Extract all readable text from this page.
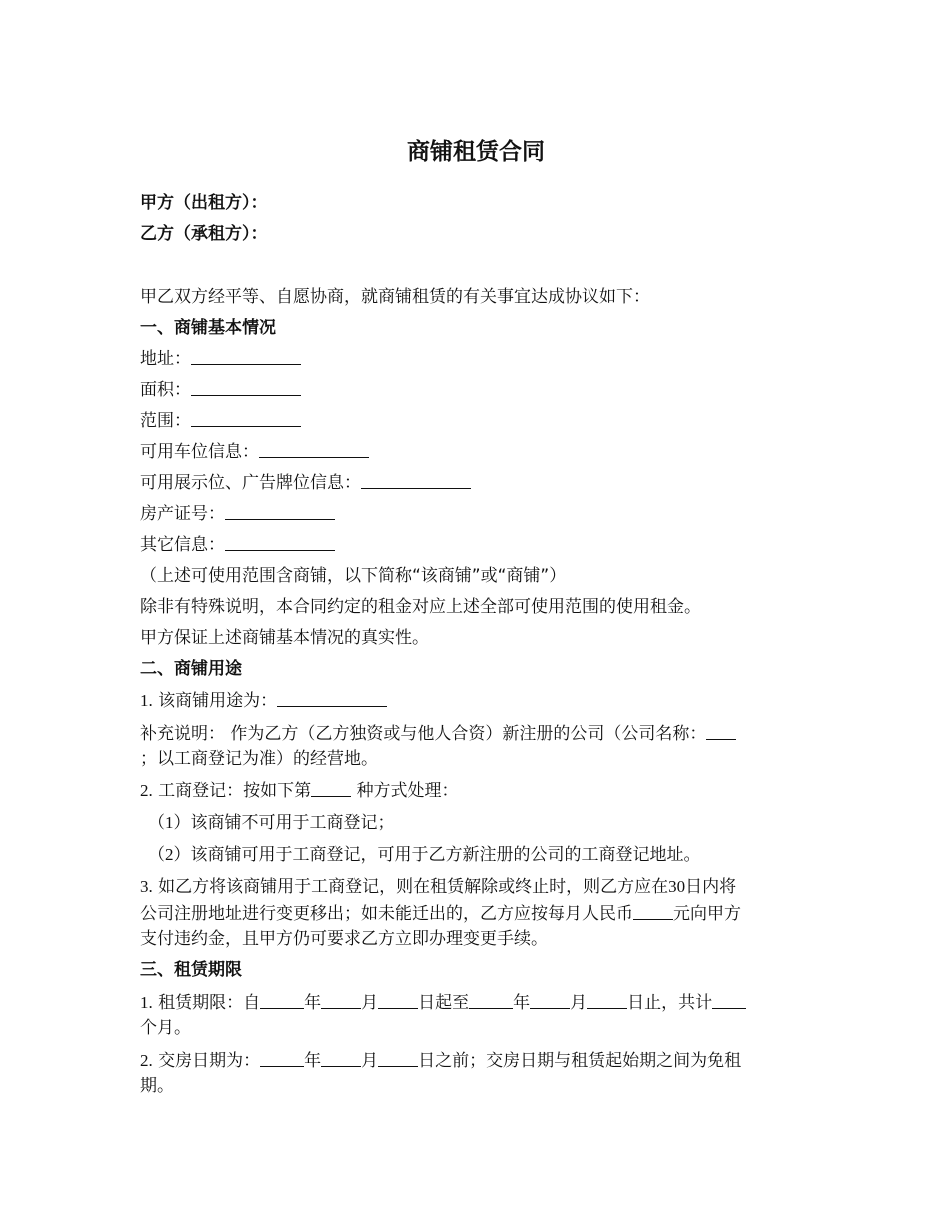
商铺租赁合同
甲方（出租方）：
乙方（承租方）：
甲乙双方经平等、自愿协商，就商铺租赁的有关事宜达成协议如下：
一、商铺基本情况
地址：
面积：
范围：
可用车位信息：
可用展示位、广告牌位信息：
房产证号：
其它信息：
（上述可使用范围含商铺，以下简称“该商铺”或“商铺”）
除非有特殊说明，本合同约定的租金对应上述全部可使用范围的使用租金。
甲方保证上述商铺基本情况的真实性。
二、商铺用途
1. 该商铺用途为：
补充说明： 作为乙方（乙方独资或与他人合资）新注册的公司（公司名称：
；以工商登记为准）的经营地。
2. 工商登记：按如下第	种方式处理：
（1）该商铺不可用于工商登记；
（2）该商铺可用于工商登记，可用于乙方新注册的公司的工商登记地址。
3. 如乙方将该商铺用于工商登记，则在租赁解除或终止时，则乙方应在30日内将
公司注册地址进行变更移出；如未能迁出的，乙方应按每月人民币 元向甲方
支付违约金，且甲方仍可要求乙方立即办理变更手续。
三、租赁期限
1. 租赁期限：自	年 月 日起至	年 月 日止，共计
个月。
2. 交房日期为：	年 月 日之前；交房日期与租赁起始期之间为免租
期。
